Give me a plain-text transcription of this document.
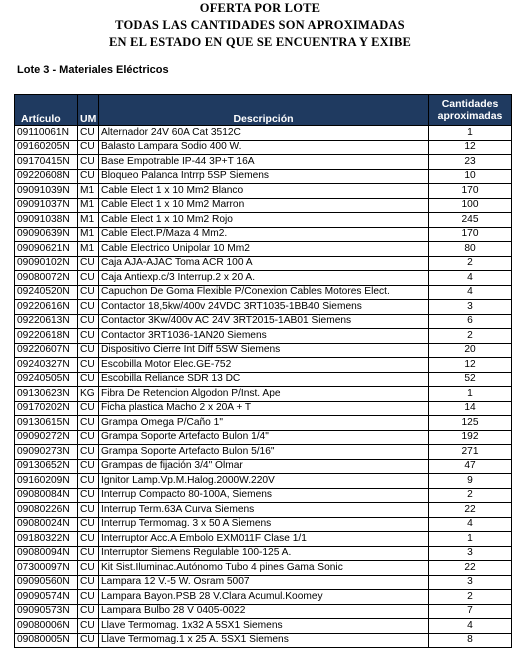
OFERTA POR LOTE
TODAS LAS CANTIDADES SON APROXIMADAS
EN EL ESTADO EN QUE SE ENCUENTRA Y EXIBE
Lote 3 - Materiales Eléctricos
Artículo	UM	Descripción	Cantidades aproximadas
09110061N	CU	Alternador 24V 60A Cat 3512C	1
09160205N	CU	Balasto Lampara Sodio 400 W.	12
09170415N	CU	Base Empotrable IP-44 3P+T 16A	23
09220608N	CU	Bloqueo Palanca Intrrp 5SP Siemens	10
09091039N	M1	Cable Elect 1 x 10 Mm2 Blanco	170
09091037N	M1	Cable Elect 1 x 10 Mm2 Marron	100
09091038N	M1	Cable Elect 1 x 10 Mm2 Rojo	245
09090639N	M1	Cable Elect.P/Maza 4 Mm2.	170
09090621N	M1	Cable Electrico Unipolar 10 Mm2	80
09090102N	CU	Caja AJA-AJAC Toma ACR 100 A	2
09080072N	CU	Caja Antiexp.c/3 Interrup.2 x 20 A.	4
09240520N	CU	Capuchon De Goma Flexible P/Conexion Cables Motores Elect.	4
09220616N	CU	Contactor 18,5kw/400v 24VDC 3RT1035-1BB40 Siemens	3
09220613N	CU	Contactor 3Kw/400v AC 24V 3RT2015-1AB01 Siemens	6
09220618N	CU	Contactor 3RT1036-1AN20 Siemens	2
09220607N	CU	Dispositivo Cierre Int Diff 5SW Siemens	20
09240327N	CU	Escobilla Motor Elec.GE-752	12
09240505N	CU	Escobilla Reliance SDR 13 DC	52
09130623N	KG	Fibra De Retencion Algodon P/Inst. Ape	1
09170202N	CU	Ficha plastica Macho 2 x 20A + T	14
09130615N	CU	Grampa Omega P/Caño 1"	125
09090272N	CU	Grampa Soporte Artefacto Bulon 1/4"	192
09090273N	CU	Grampa Soporte Artefacto Bulon 5/16"	271
09130652N	CU	Grampas de fijación 3/4" Olmar	47
09160209N	CU	Ignitor Lamp.Vp.M.Halog.2000W.220V	9
09080084N	CU	Interrup Compacto 80-100A, Siemens	2
09080226N	CU	Interrup Term.63A Curva Siemens	22
09080024N	CU	Interrup Termomag. 3 x 50 A Siemens	4
09180322N	CU	Interruptor Acc.A Embolo EXM011F Clase 1/1	1
09080094N	CU	Interruptor Siemens Regulable 100-125 A.	3
07300097N	CU	Kit Sist.Iluminac.Autónomo Tubo 4 pines Gama Sonic	22
09090560N	CU	Lampara 12 V.-5 W. Osram 5007	3
09090574N	CU	Lampara Bayon.PSB 28 V.Clara Acumul.Koomey	2
09090573N	CU	Lampara Bulbo 28 V 0405-0022	7
09080006N	CU	Llave Termomag. 1x32 A 5SX1 Siemens	4
09080005N	CU	Llave Termomag.1 x 25 A. 5SX1 Siemens	8
